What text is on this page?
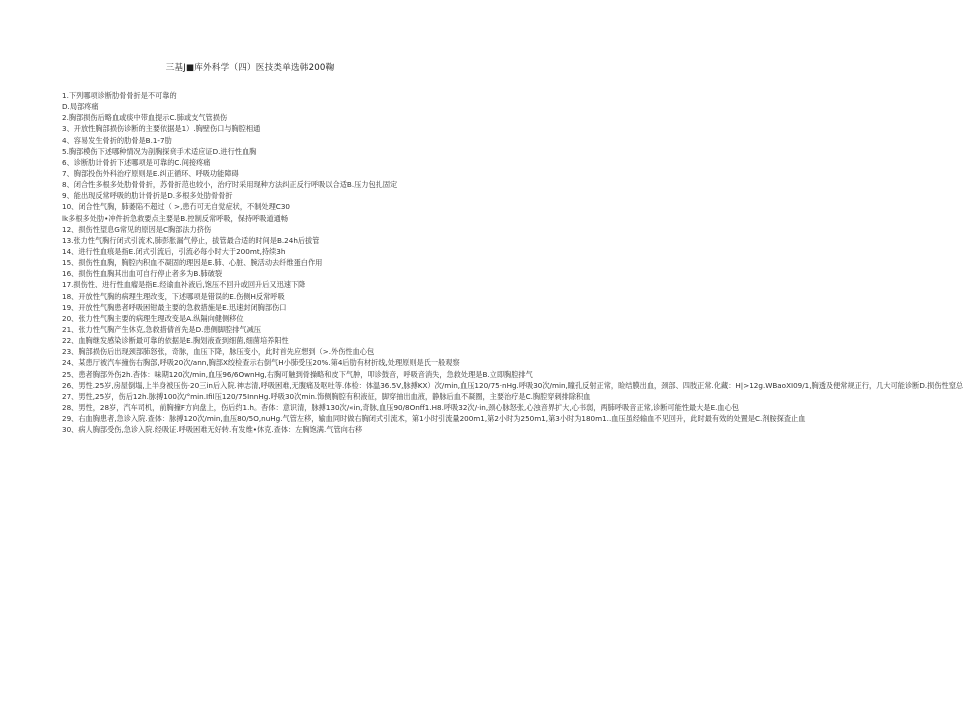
三基J■库外科学（四）医技类单选韩200鞠
1.下列哪项诊断肋骨骨折是不可靠的
D.局部疼痛
2.胸部损伤后略血或痰中带血提示C.肺或支气管损伤
3、开放性胸部损伤诊断的主要依据是1）.胸壁伤口与胸腔相通
4、容易发生骨折的肋骨是B.1-7肋
5.胸部模伤下述哪种情况为剖胸探贲手术适应证D.进行性血胸
6、诊断肋计骨折下述哪项是可靠的C.间接疼痛
7、胸部投伤外科治疗原则是E.纠正循环、呼吸功能障碍
8、闭合性多根多处肋骨骨折，苏骨折范也较小，治疗时采用现种方法纠正反行呼吸以合适B.压力包扎固定
9、能出现反常呼吸的肋计骨折是D.多根多处肋骨骨折
10、闭合性气胸，肺萎陷不超过（ >,患冇可无自觉症状，不制处理C30
lk多根多处肋•冲件折急救要点主要是B.控制反常呼吸，保持呼吸道通畅
12、损伤性望息G常见的原因是C胸部法力挤伤
13.张力性气胸行闭式引流术,肺彭胀漏气停止，拔管最合适的时间是B.24h后拔管
14、进行性血痕是指E.闭式引流后，引流必每小时大于200mt,持续3h
15、损伤性血胸，胸腔内积血不凝固的理因是E.肺、心脏、腕活动去纤维蛋白作用
16、损伤性血胸其出血可自行停止者多为B.肺破裂
17.损伤性、进行性血瘤是指E.经谕血补液后,饱压不回升或回升后又迅速下降
18、开放性气胸的病理生理改变，下述哪项是错误的E.伤侧H反常呼吸
19、开放性气胸患者呼吸困钳最主要的急救措施是E.迅速封闭胸部伤口
20、张力性气胸主要的病理生理改变是A.纵隔向健侧移位
21、张力性气胸产生休克,急救措倩首先是D.患侧脚腔排气减压
22、血胸继发感染诊断最可靠的依据是E.胸划液查到细菌,细菌培养阳性
23、胸部损伤后出现颈部肺怒张，奇脉，血压下降，脉压变小，此时首先应想到（>.外伤性血心包
24、某患厅被汽车撞伤右胸部,呼吸20次/ann,胸部X绞检查示右倒气H小肺受压20%.第4后肋有材折线,处理原则是氏一般观察
25、患者胸部外伤2h.杳体：味期120次/min,血压96/6OwnHg,右胸可触到骨操略和皮下气肿，叩诊鼓音，呼吸音消失，急救处理是B.立即胸腔排气
26、男性.25岁,房屋倒塌,上半身被压伤·20三in后入院.神志清,呼吸困难,无腹痛及呕吐等.体检：体温36.5V,脉搏KX）次/min,血压120/75·nHg.呼吸30次/min,瞳孔反射正常，睑结膜出血，颈部、四肢正常.化藏：H|>12g.WBaoXI09/1,胸透及便常规正行，几大可能诊断D.损伤性窒总
27、男性,25岁，伤后12h.脉搏100次/°min.Ifil压120/75InnHg.呼吸30次min.饰侧胸腔有积液征，脚穿抽出血液，静脉后血不凝圈，主要治疗是C.胸腔穿刺排除积血
28、男性，28岁，汽车司机，前胸撞F方向盘上，伤后约1.h。杳体：意识清，脉搏130次/«in,奇脉,血压90/8Onff1.H8.呼吸32次/·in,颈心脉怒张,心浊音界扩大,心书弱，两肺呼吸音正常,诊断可能性最大是E.血心包
29、右血胸患者,急诊入院.查体：脉搏120次/min,血压80/5O,nuHg.气管左移，输血同时做右胸闭式引流术，第1小时引流量200m1,第2小时为250m1,第3小时为180m1..血压虽经输血不见回升，此时最有效的处置是C.剂胺探査止血
30、病人胸部受伤,急诊入院.经吸证.呼吸困难无好转.有发维•休克.查体：左胸饱满.气管向右移
